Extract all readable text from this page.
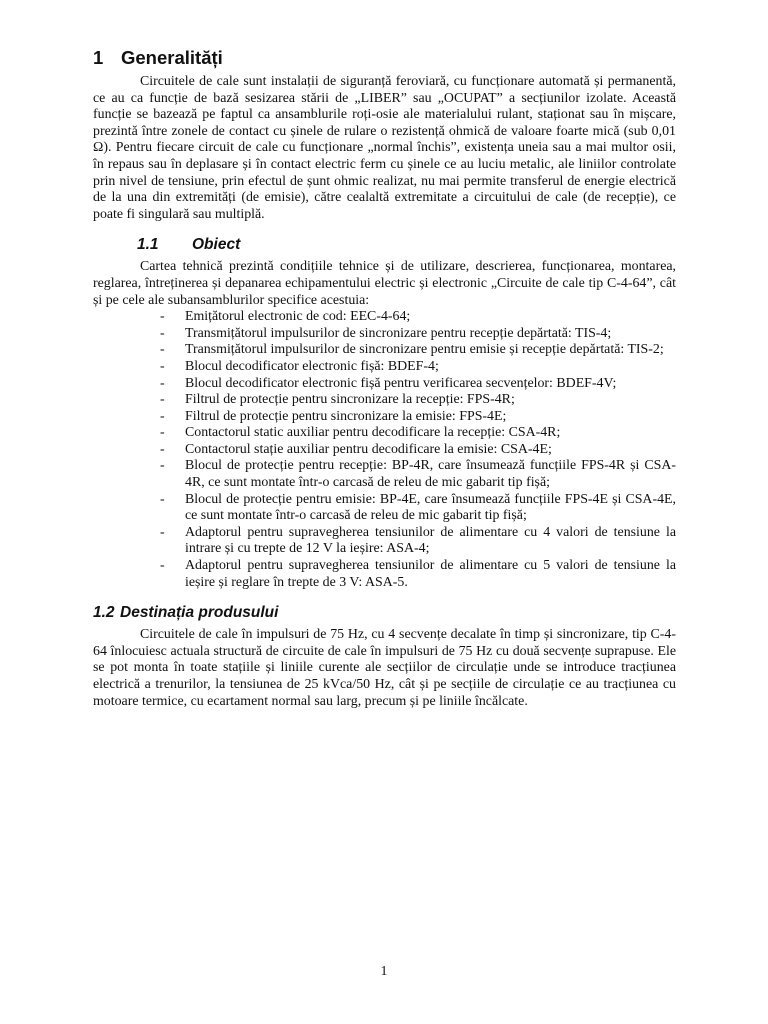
1 Generalități

Circuitele de cale sunt instalații de siguranță feroviară, cu funcționare automată și permanentă, ce au ca funcție de bază sesizarea stării de „LIBER” sau „OCUPAT” a secțiunilor izolate. Această funcție se bazează pe faptul ca ansamblurile roți-osie ale materialului rulant, staționat sau în mișcare, prezintă între zonele de contact cu șinele de rulare o rezistență ohmică de valoare foarte mică (sub 0,01 Ω). Pentru fiecare circuit de cale cu funcționare „normal închis”, existența uneia sau a mai multor osii, în repaus sau în deplasare și în contact electric ferm cu șinele ce au luciu metalic, ale liniilor controlate prin nivel de tensiune, prin efectul de șunt ohmic realizat, nu mai permite transferul de energie electrică de la una din extremități (de emisie), către cealaltă extremitate a circuitului de cale (de recepție), ce poate fi singulară sau multiplă.

1.1 Obiect

Cartea tehnică prezintă condițiile tehnice și de utilizare, descrierea, funcționarea, montarea, reglarea, întreținerea și depanarea echipamentului electric și electronic „Circuite de cale tip C-4-64”, cât și pe cele ale subansamblurilor specifice acestuia:

- Emițătorul electronic de cod: EEC-4-64;
- Transmițătorul impulsurilor de sincronizare pentru recepție depărtată: TIS-4;
- Transmițătorul impulsurilor de sincronizare pentru emisie și recepție depărtată: TIS-2;
- Blocul decodificator electronic fișă: BDEF-4;
- Blocul decodificator electronic fișă pentru verificarea secvențelor: BDEF-4V;
- Filtrul de protecție pentru sincronizare la recepție: FPS-4R;
- Filtrul de protecție pentru sincronizare la emisie: FPS-4E;
- Contactorul static auxiliar pentru decodificare la recepție: CSA-4R;
- Contactorul stație auxiliar pentru decodificare la emisie: CSA-4E;
- Blocul de protecție pentru recepție: BP-4R, care însumează funcțiile FPS-4R și CSA-4R, ce sunt montate într-o carcasă de releu de mic gabarit tip fișă;
- Blocul de protecție pentru emisie: BP-4E, care însumează funcțiile FPS-4E și CSA-4E, ce sunt montate într-o carcasă de releu de mic gabarit tip fișă;
- Adaptorul pentru supravegherea tensiunilor de alimentare cu 4 valori de tensiune la intrare și cu trepte de 12 V la ieșire: ASA-4;
- Adaptorul pentru supravegherea tensiunilor de alimentare cu 5 valori de tensiune la ieșire și reglare în trepte de 3 V: ASA-5.
1.2 Destinația produsului

Circuitele de cale în impulsuri de 75 Hz, cu 4 secvențe decalate în timp și sincronizare, tip C-4-64 înlocuiesc actuala structură de circuite de cale în impulsuri de 75 Hz cu două secvențe suprapuse. Ele se pot monta în toate stațiile și liniile curente ale secțiilor de circulație unde se introduce tracțiunea electrică a trenurilor, la tensiunea de 25 kVca/50 Hz, cât și pe secțiile de circulație ce au tracțiunea cu motoare termice, cu ecartament normal sau larg, precum și pe liniile încălcate.

1
